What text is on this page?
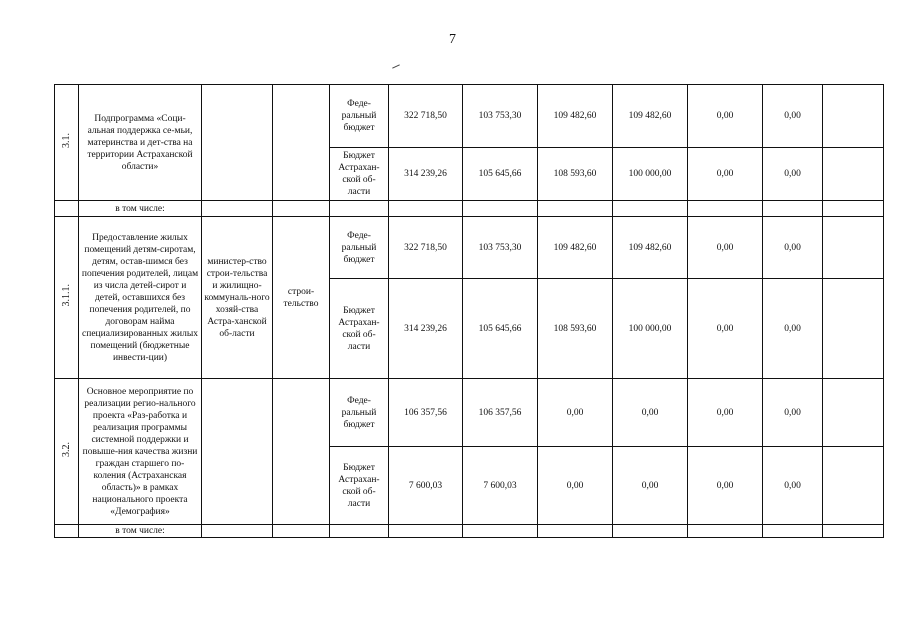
7
3.1.	Подпрограмма «Соци-альная поддержка се-мьи, материнства и дет-ства на территории Астраханской области»			Феде-ральный бюджет	322 718,50	103 753,30	109 482,60	109 482,60	0,00	0,00	
				Бюджет Астрахан-ской об-ласти	314 239,26	105 645,66	108 593,60	100 000,00	0,00	0,00	
	в том числе:										
3.1.1.	Предоставление жилых помещений детям-сиротам, детям, остав-шимся без попечения родителей, лицам из числа детей-сирот и детей, оставшихся без попечения родителей, по договорам найма специализированных жилых помещений (бюджетные инвести-ции)	министер-ство строи-тельства и жилищно-коммуналь-ного хозяй-ства Астра-ханской об-ласти	строи-тельство	Феде-ральный бюджет	322 718,50	103 753,30	109 482,60	109 482,60	0,00	0,00	
				Бюджет Астрахан-ской об-ласти	314 239,26	105 645,66	108 593,60	100 000,00	0,00	0,00	
3.2.	Основное мероприятие по реализации регио-нального проекта «Раз-работка и реализация программы системной поддержки и повыше-ния качества жизни граждан старшего по-коления (Астраханская область)» в рамках национального проекта «Демография»			Феде-ральный бюджет	106 357,56	106 357,56	0,00	0,00	0,00	0,00	
				Бюджет Астрахан-ской об-ласти	7 600,03	7 600,03	0,00	0,00	0,00	0,00	
	в том числе:										
